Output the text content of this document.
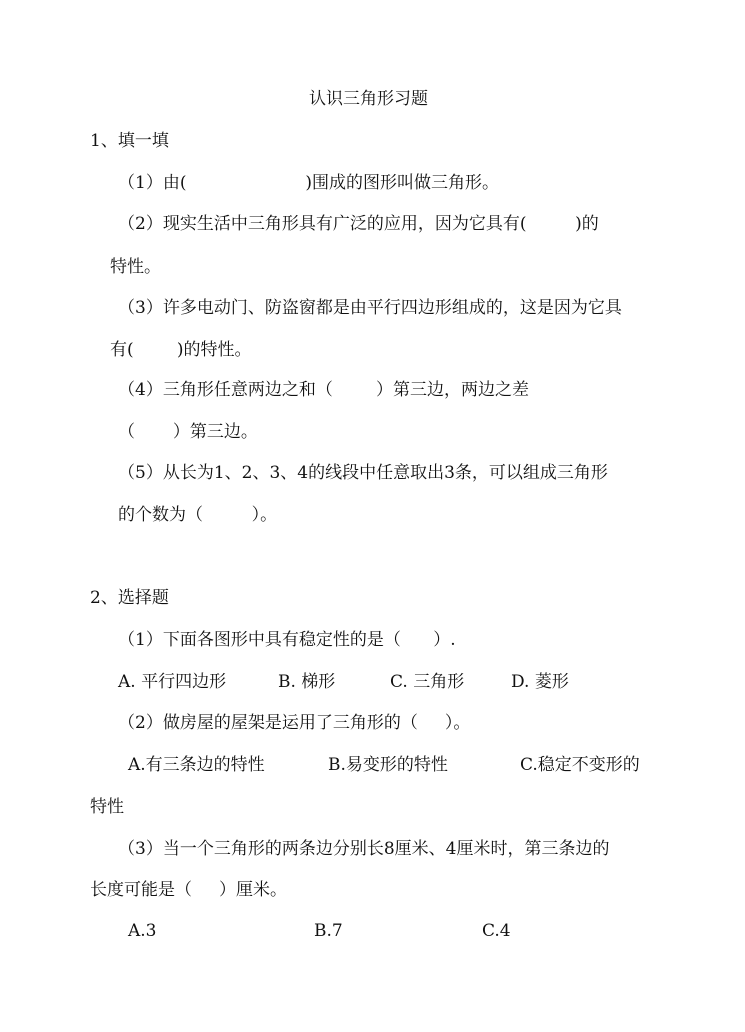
认识三角形习题
1、填一填
（1）由(                      )围成的图形叫做三角形。
（2）现实生活中三角形具有广泛的应用，因为它具有(         )的
特性。
（3）许多电动门、防盗窗都是由平行四边形组成的，这是因为它具
有(        )的特性。
（4）三角形任意两边之和（        ）第三边，两边之差
（       ）第三边。
（5）从长为1、2、3、4的线段中任意取出3条，可以组成三角形
的个数为（         ）。
2、选择题
（1）下面各图形中具有稳定性的是（      ）.
A. 平行四边形	B. 梯形	C. 三角形	D. 菱形
（2）做房屋的屋架是运用了三角形的（     ）。
A.有三条边的特性	B.易变形的特性	C.稳定不变形的
特性
（3）当一个三角形的两条边分别长8厘米、4厘米时，第三条边的
长度可能是（     ）厘米。
A.3	B.7	C.4
